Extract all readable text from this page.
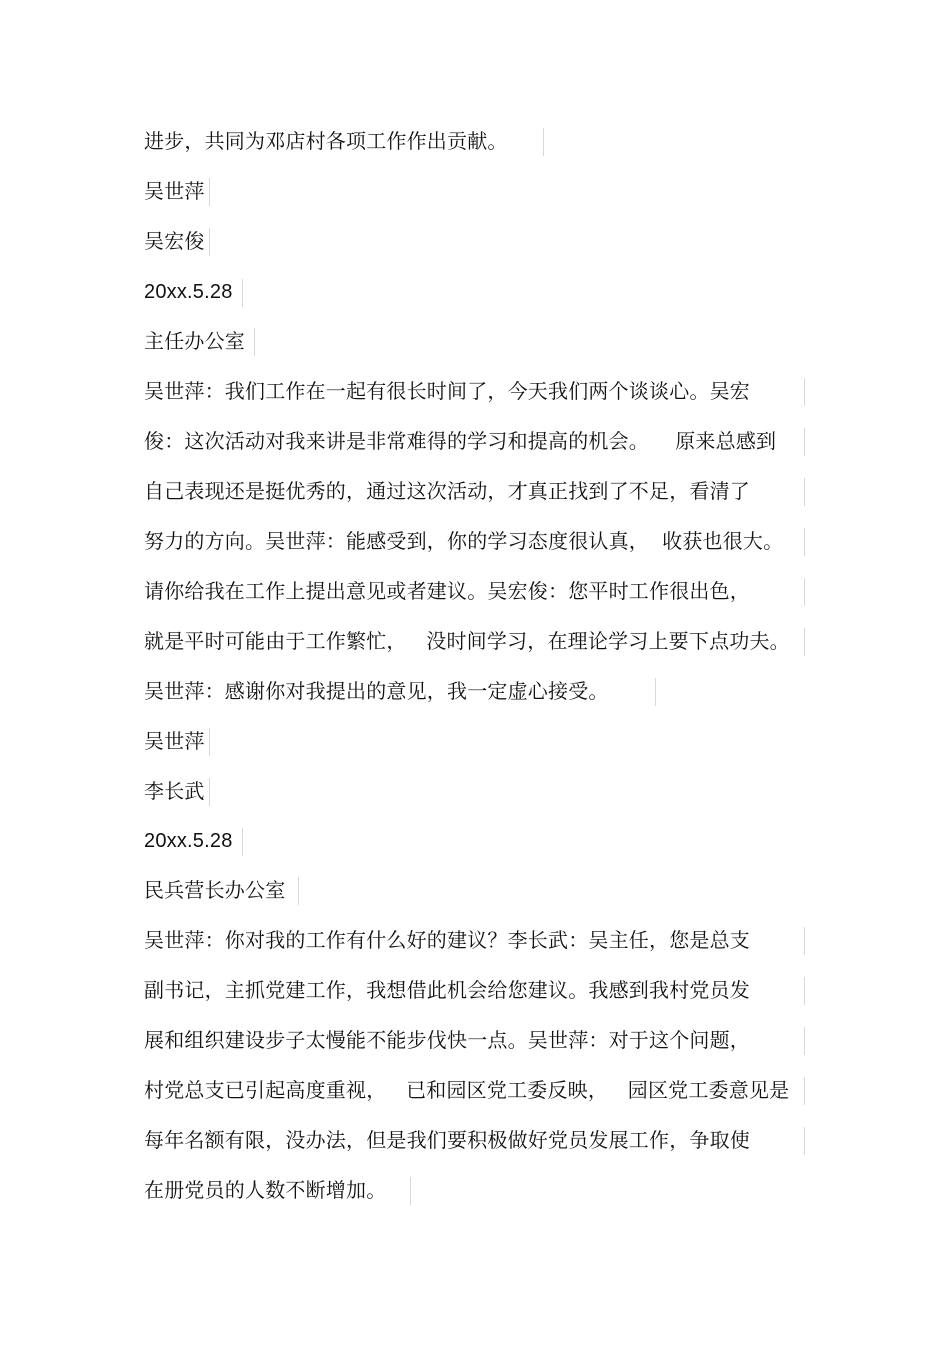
进步，共同为邓店村各项工作作出贡献。
吴世萍
吴宏俊
20xx.5.28
主任办公室
吴世萍：我们工作在一起有很长时间了，今天我们两个谈谈心。吴宏
俊：这次活动对我来讲是非常难得的学习和提高的机会。    原来总感到
自己表现还是挺优秀的，通过这次活动，才真正找到了不足，看清了
努力的方向。吴世萍：能感受到，你的学习态度很认真，  收获也很大。
请你给我在工作上提出意见或者建议。吴宏俊：您平时工作很出色，
就是平时可能由于工作繁忙，   没时间学习，在理论学习上要下点功夫。
吴世萍：感谢你对我提出的意见，我一定虚心接受。
吴世萍
李长武
20xx.5.28
民兵营长办公室
吴世萍：你对我的工作有什么好的建议？李长武：吴主任，您是总支
副书记，主抓党建工作，我想借此机会给您建议。我感到我村党员发
展和组织建设步子太慢能不能步伐快一点。吴世萍：对于这个问题，
村党总支已引起高度重视，   已和园区党工委反映，   园区党工委意见是
每年名额有限，没办法，但是我们要积极做好党员发展工作，争取使
在册党员的人数不断增加。
